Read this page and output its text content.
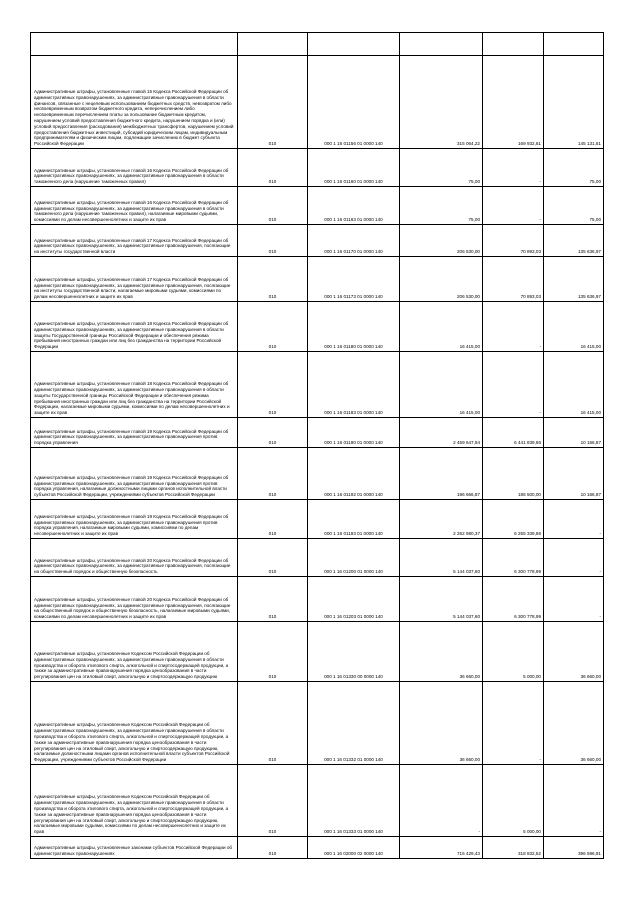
Административные штрафы, установленные главой 15 Кодекса Российской Федерации об административных правонарушениях, за административные правонарушения в области финансов, связанные с нецелевым использованием бюджетных средств, невозвратом либо несвоевременным возвратом бюджетного кредита, неперечислением либо несвоевременным перечислением платы за пользование бюджетным кредитом, нарушением условий предоставления бюджетного кредита, нарушением порядка и (или) условий предоставления (расходования) межбюджетных трансфертов, нарушением условий предоставления бюджетных инвестиций, субсидий юридическим лицам, индивидуальным предпринимателям и физическим лицам, подлежащие зачислению в бюджет субъекта Российской Федерации	010	000 1 16 01156 01 0000 140	315 064,22	169 932,61	145 131,61

Административные штрафы, установленные главой 16 Кодекса Российской Федерации об административных правонарушениях, за административные правонарушения в области таможенного дела (нарушение таможенных правил)	010	000 1 16 01160 01 0000 140	75,00	-	75,00

Административные штрафы, установленные главой 16 Кодекса Российской Федерации об административных правонарушениях, за административные правонарушения в области таможенного дела (нарушение таможенных правил), налагаемые мировыми судьями, комиссиями по делам несовершеннолетних и защите их прав	010	000 1 16 01163 01 0000 140	75,00	-	75,00

Административные штрафы, установленные главой 17 Кодекса Российской Федерации об административных правонарушениях, за административные правонарушения, посягающие на институты государственной власти	010	000 1 16 01170 01 0000 140	206 530,00	70 893,03	135 636,97

Административные штрафы, установленные главой 17 Кодекса Российской Федерации об административных правонарушениях, за административные правонарушения, посягающие на институты государственной власти, налагаемые мировыми судьями, комиссиями по делам несовершеннолетних и защите их прав	010	000 1 16 01173 01 0000 140	206 530,00	70 893,03	135 636,97

Административные штрафы, установленные главой 18 Кодекса Российской Федерации об административных правонарушениях, за административные правонарушения в области защиты Государственной границы Российской Федерации и обеспечения режима пребывания иностранных граждан или лиц без гражданства на территории Российской Федерации	010	000 1 16 01180 01 0000 140	16 415,00	-	16 415,00

Административные штрафы, установленные главой 18 Кодекса Российской Федерации об административных правонарушениях, за административные правонарушения в области защиты Государственной границы Российской Федерации и обеспечения режима пребывания иностранных граждан или лиц без гражданства на территории Российской Федерации, налагаемые мировыми судьями, комиссиями по делам несовершеннолетних и защите их прав	010	000 1 16 01183 01 0000 140	16 415,00	-	16 415,00

Административные штрафы, установленные главой 19 Кодекса Российской Федерации об административных правонарушениях, за административные правонарушения против порядка управления	010	000 1 16 01190 01 0000 140	2 459 647,94	6 441 839,86	10 166,87

Административные штрафы, установленные главой 19 Кодекса Российской Федерации об административных правонарушениях, за административные правонарушения против порядка управления, налагаемые должностными лицами органов исполнительной власти субъектов Российской Федерации, учреждениями субъектов Российской Федерации	010	000 1 16 01192 01 0000 140	196 666,87	186 500,00	10 166,87

Административные штрафы, установленные главой 19 Кодекса Российской Федерации об административных правонарушениях, за административные правонарушения против порядка управления, налагаемые мировыми судьями, комиссиями по делам несовершеннолетних и защите их прав	010	000 1 16 01193 01 0000 140	2 262 980,37	6 255 339,86	-

Административные штрафы, установленные главой 20 Кодекса Российской Федерации об административных правонарушениях, за административные правонарушения, посягающие на общественный порядок и общественную безопасность	010	000 1 16 01200 01 0000 140	5 144 037,60	6 300 778,99	-

Административные штрафы, установленные главой 20 Кодекса Российской Федерации об административных правонарушениях, за административные правонарушения, посягающие на общественный порядок и общественную безопасность, налагаемые мировыми судьями, комиссиями по делам несовершеннолетних и защите их прав	010	000 1 16 01203 01 0000 140	5 144 037,60	6 300 778,99	-

Административные штрафы, установленные Кодексом Российской Федерации об административных правонарушениях, за административные правонарушения в области производства и оборота этилового спирта, алкогольной и спиртосодержащей продукции, а также за административные правонарушения порядка ценообразования в части регулирования цен на этиловый спирт, алкогольную и спиртосодержащую продукцию	010	000 1 16 01330 00 0000 140	36 660,00	5 000,00	36 660,00

Административные штрафы, установленные Кодексом Российской Федерации об административных правонарушениях, за административные правонарушения в области производства и оборота этилового спирта, алкогольной и спиртосодержащей продукции, а также за административные правонарушения порядка ценообразования в части регулирования цен на этиловый спирт, алкогольную и спиртосодержащую продукцию, налагаемые должностными лицами органов исполнительной власти субъектов Российской Федерации, учреждениями субъектов Российской Федерации	010	000 1 16 01332 01 0000 140	36 660,00	-	36 660,00

Административные штрафы, установленные Кодексом Российской Федерации об административных правонарушениях, за административные правонарушения в области производства и оборота этилового спирта, алкогольной и спиртосодержащей продукции, а также за административные правонарушения порядка ценообразования в части регулирования цен на этиловый спирт, алкогольную и спиртосодержащую продукцию, налагаемые мировыми судьями, комиссиями по делам несовершеннолетних и защите их прав	010	000 1 16 01333 01 0000 140	-	5 000,00	-

Административные штрафы, установленные законами субъектов Российской Федерации об административных правонарушениях	010	000 1 16 02000 02 0000 140	715 429,43	318 832,52	396 596,91
